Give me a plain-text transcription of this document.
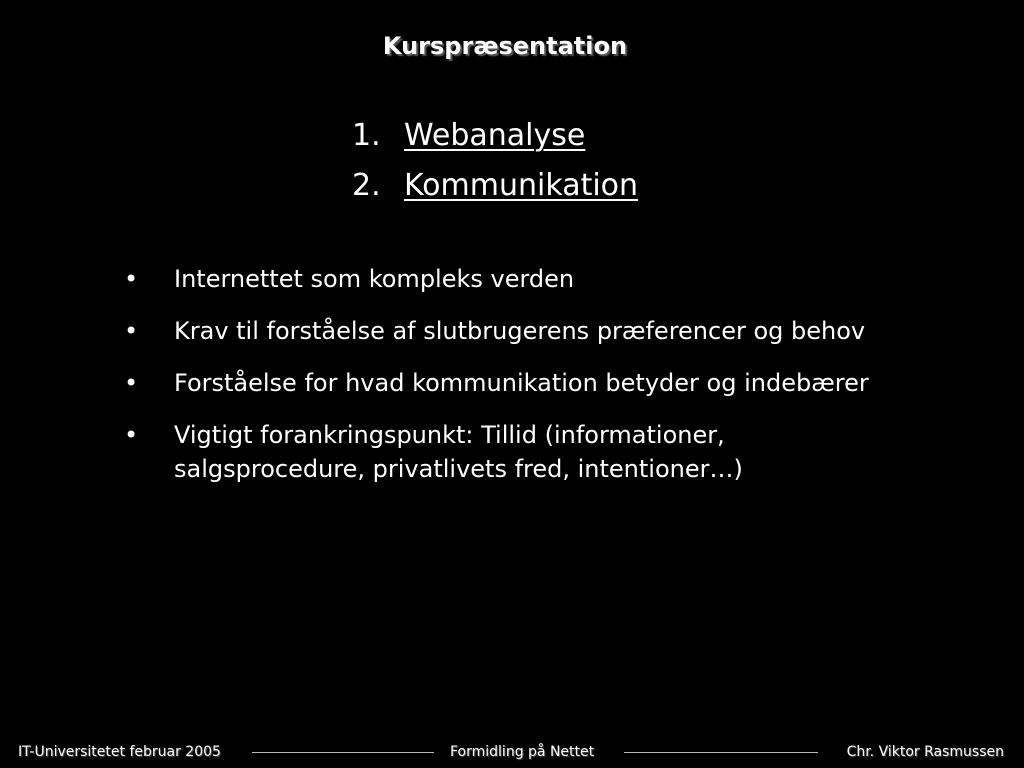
Kurspræsentation
1. Webanalyse
2. Kommunikation
•	Internettet som kompleks verden
•	Krav til forståelse af slutbrugerens præferencer og behov
•	Forståelse for hvad kommunikation betyder og indebærer
•	Vigtigt forankringspunkt: Tillid (informationer,
salgsprocedure, privatlivets fred, intentioner…)
IT-Universitetet februar 2005	Formidling på Nettet	Chr. Viktor Rasmussen
